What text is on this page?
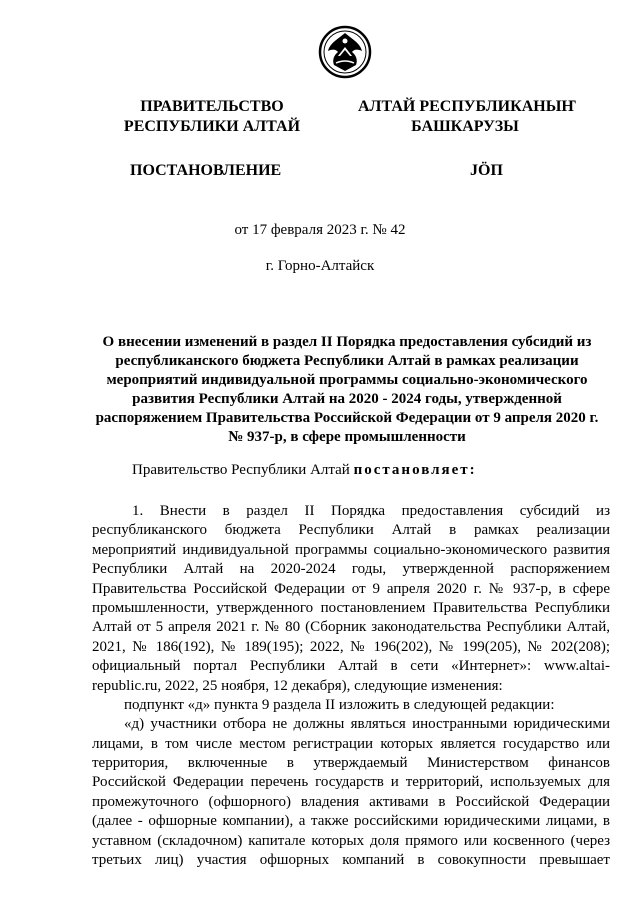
ПРАВИТЕЛЬСТВО
РЕСПУБЛИКИ АЛТАЙ
АЛТАЙ РЕСПУБЛИКАНЫҤ
БАШКАРУЗЫ
ПОСТАНОВЛЕНИЕ	JÖП
от 17 февраля 2023 г. № 42
г. Горно-Алтайск
О внесении изменений в раздел II Порядка предоставления субсидий из
республиканского бюджета Республики Алтай в рамках реализации
мероприятий индивидуальной программы социально-экономического
развития Республики Алтай на 2020 - 2024 годы, утвержденной
распоряжением Правительства Российской Федерации от 9 апреля 2020 г.
№ 937-р, в сфере промышленности
Правительство Республики Алтай постановляет:
1. Внести в раздел II Порядка предоставления субсидий из
республиканского бюджета Республики Алтай в рамках реализации
мероприятий индивидуальной программы социально-экономического развития
Республики Алтай на 2020-2024 годы, утвержденной распоряжением
Правительства Российской Федерации от 9 апреля 2020 г. № 937-р, в сфере
промышленности, утвержденного постановлением Правительства Республики
Алтай от 5 апреля 2021 г. № 80 (Сборник законодательства Республики Алтай,
2021, № 186(192), № 189(195); 2022, № 196(202), № 199(205), № 202(208);
официальный портал Республики Алтай в сети «Интернет»: www.altai-
republic.ru, 2022, 25 ноября, 12 декабря), следующие изменения:
подпункт «д» пункта 9 раздела II изложить в следующей редакции:
«д) участники отбора не должны являться иностранными юридическими
лицами, в том числе местом регистрации которых является государство или
территория, включенные в утверждаемый Министерством финансов
Российской Федерации перечень государств и территорий, используемых для
промежуточного (офшорного) владения активами в Российской Федерации
(далее - офшорные компании), а также российскими юридическими лицами, в
уставном (складочном) капитале которых доля прямого или косвенного (через
третьих лиц) участия офшорных компаний в совокупности превышает
